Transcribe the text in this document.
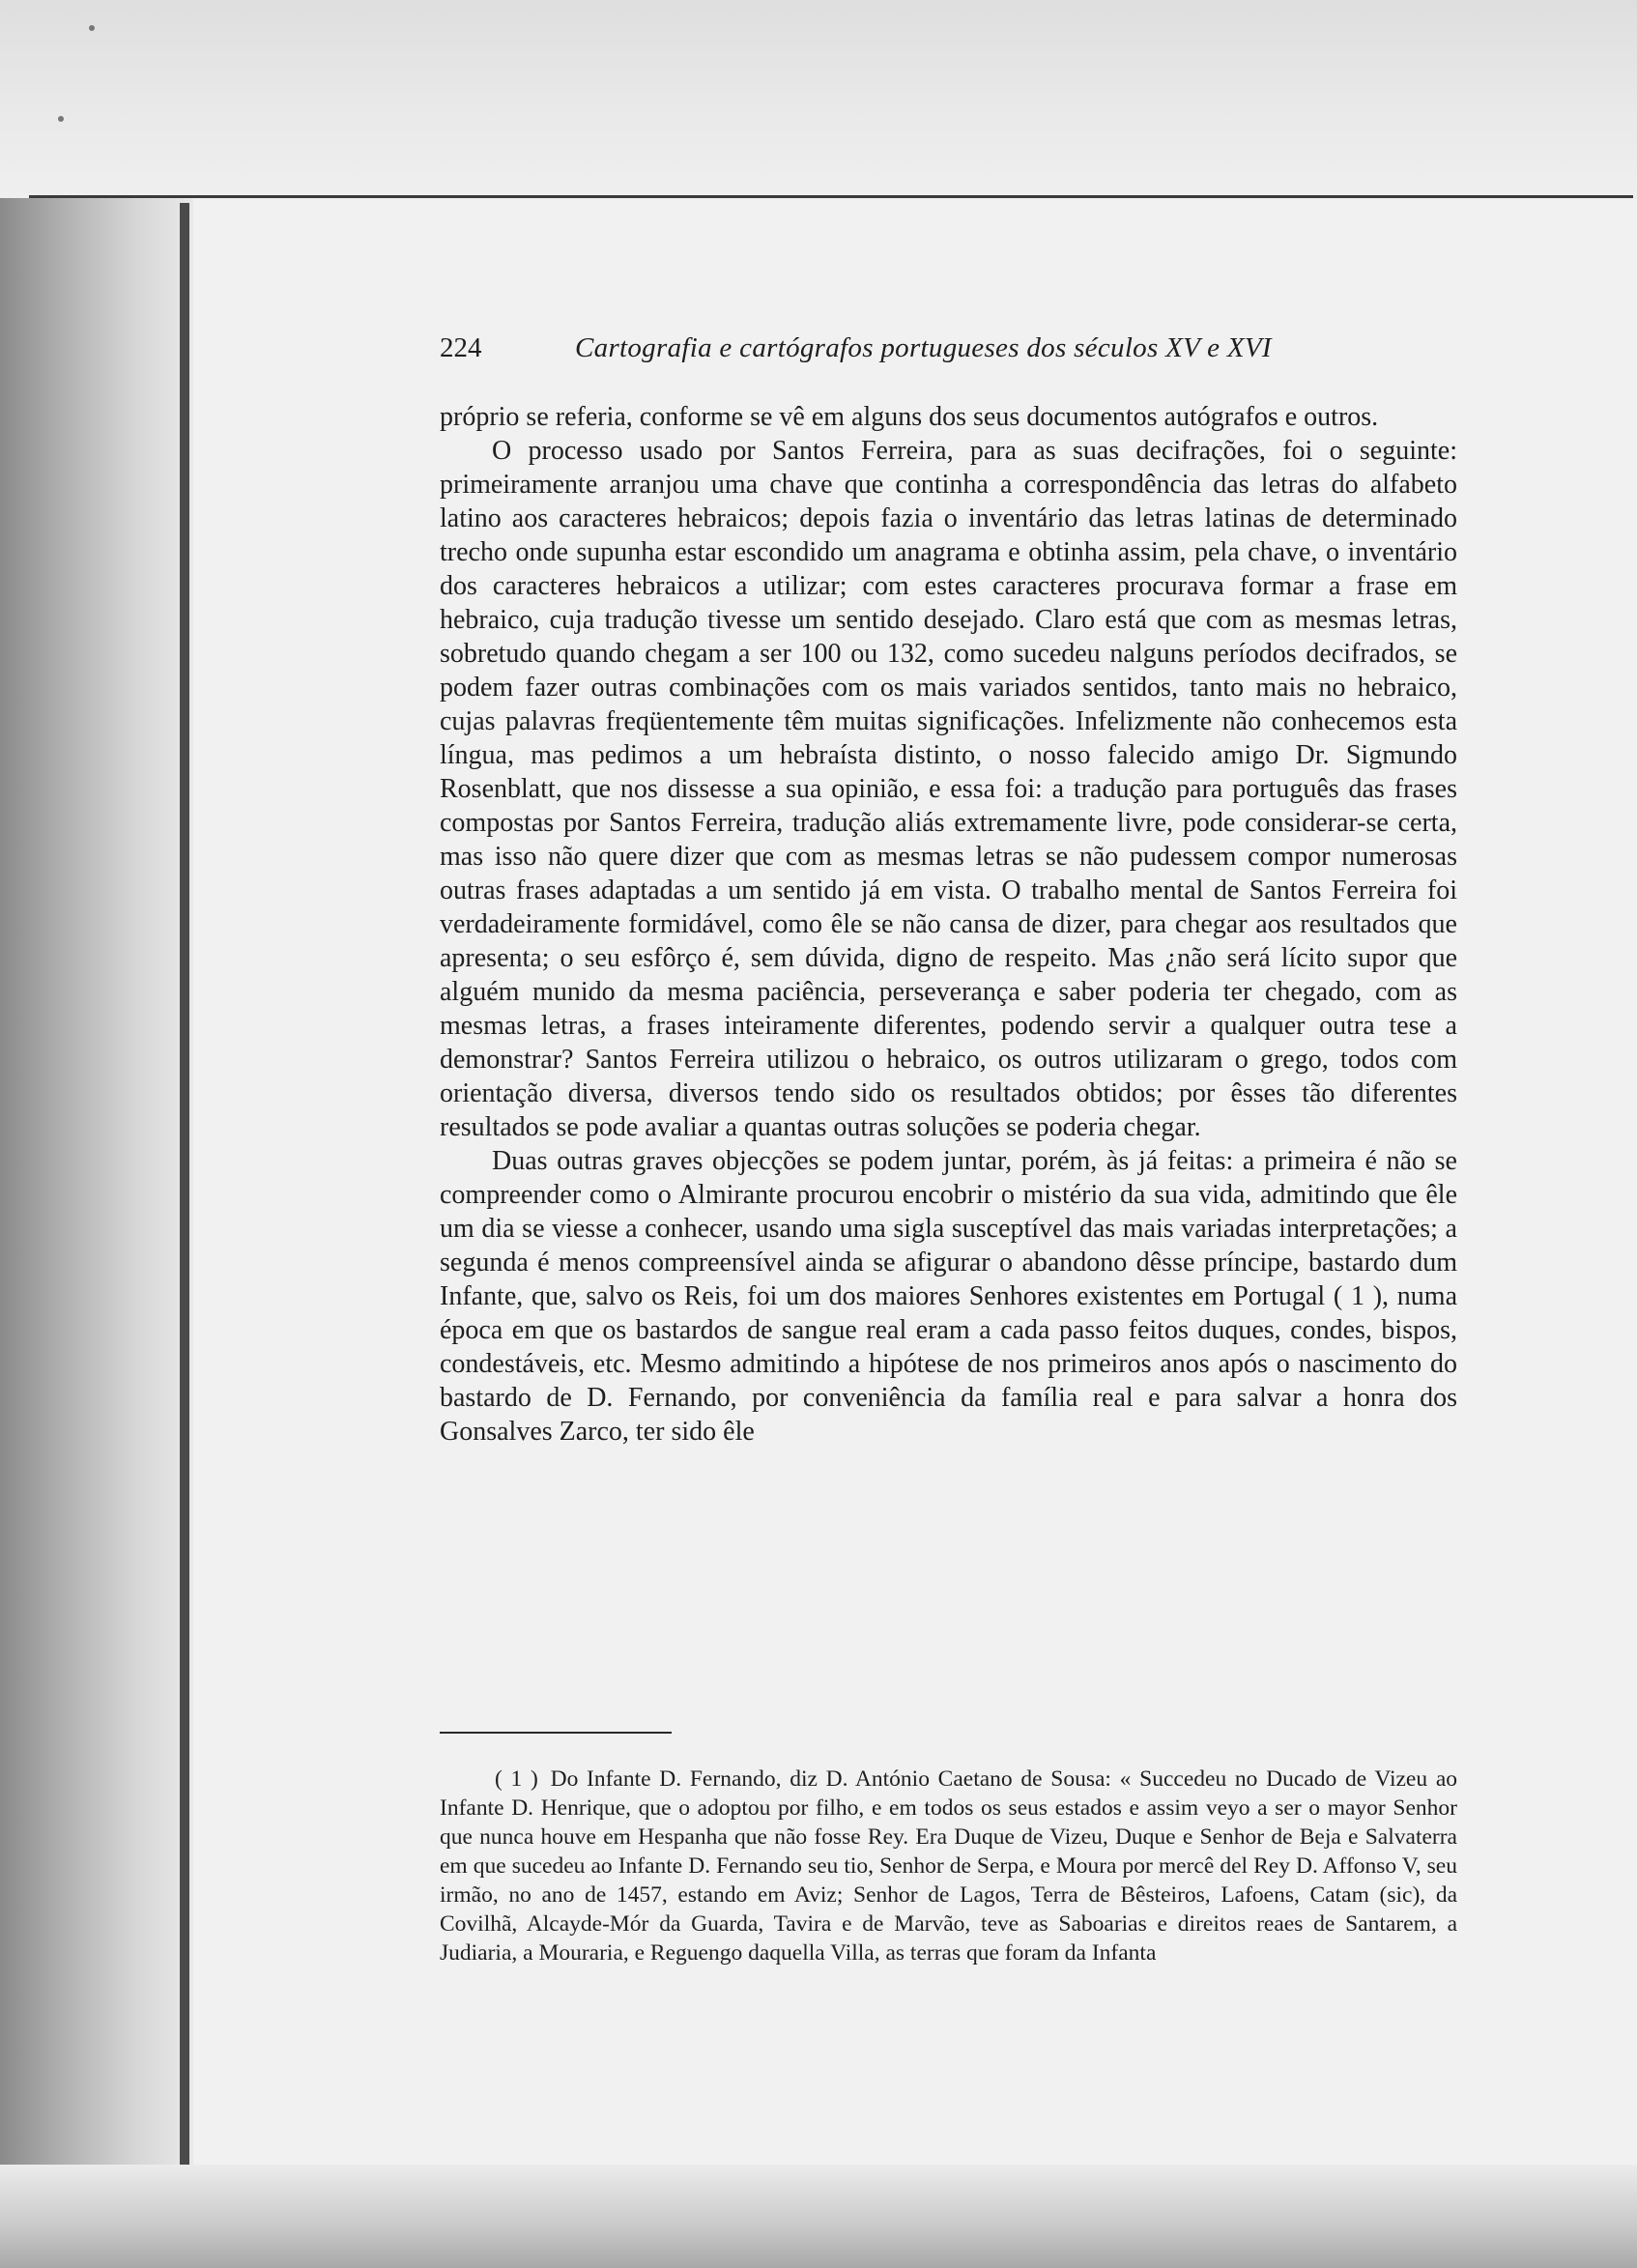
224	Cartografia e cartógrafos portugueses dos séculos XV e XVI

próprio se referia, conforme se vê em alguns dos seus documentos autógrafos e outros.

O processo usado por Santos Ferreira, para as suas decifrações, foi o seguinte: primeiramente arranjou uma chave que continha a correspondência das letras do alfabeto latino aos caracteres hebraicos; depois fazia o inventário das letras latinas de determinado trecho onde supunha estar escondido um anagrama e obtinha assim, pela chave, o inventário dos caracteres hebraicos a utilizar; com estes caracteres procurava formar a frase em hebraico, cuja tradução tivesse um sentido desejado. Claro está que com as mesmas letras, sobretudo quando chegam a ser 100 ou 132, como sucedeu nalguns períodos decifrados, se podem fazer outras combinações com os mais variados sentidos, tanto mais no hebraico, cujas palavras freqüentemente têm muitas significações. Infelizmente não conhecemos esta língua, mas pedimos a um hebraísta distinto, o nosso falecido amigo Dr. Sigmundo Rosenblatt, que nos dissesse a sua opinião, e essa foi: a tradução para português das frases compostas por Santos Ferreira, tradução aliás extremamente livre, pode considerar-se certa, mas isso não quere dizer que com as mesmas letras se não pudessem compor numerosas outras frases adaptadas a um sentido já em vista. O trabalho mental de Santos Ferreira foi verdadeiramente formidável, como êle se não cansa de dizer, para chegar aos resultados que apresenta; o seu esfôrço é, sem dúvida, digno de respeito. Mas ¿não será lícito supor que alguém munido da mesma paciência, perseverança e saber poderia ter chegado, com as mesmas letras, a frases inteiramente diferentes, podendo servir a qualquer outra tese a demonstrar? Santos Ferreira utilizou o hebraico, os outros utilizaram o grego, todos com orientação diversa, diversos tendo sido os resultados obtidos; por êsses tão diferentes resultados se pode avaliar a quantas outras soluções se poderia chegar.

Duas outras graves objecções se podem juntar, porém, às já feitas: a primeira é não se compreender como o Almirante procurou encobrir o mistério da sua vida, admitindo que êle um dia se viesse a conhecer, usando uma sigla susceptível das mais variadas interpretações; a segunda é menos compreensível ainda se afigurar o abandono dêsse príncipe, bastardo dum Infante, que, salvo os Reis, foi um dos maiores Senhores existentes em Portugal ( 1 ), numa época em que os bastardos de sangue real eram a cada passo feitos duques, condes, bispos, condestáveis, etc. Mesmo admitindo a hipótese de nos primeiros anos após o nascimento do bastardo de D. Fernando, por conveniência da família real e para salvar a honra dos Gonsalves Zarco, ter sido êle

( 1 ) Do Infante D. Fernando, diz D. António Caetano de Sousa: « Succedeu no Ducado de Vizeu ao Infante D. Henrique, que o adoptou por filho, e em todos os seus estados e assim veyo a ser o mayor Senhor que nunca houve em Hespanha que não fosse Rey. Era Duque de Vizeu, Duque e Senhor de Beja e Salvaterra em que sucedeu ao Infante D. Fernando seu tio, Senhor de Serpa, e Moura por mercê del Rey D. Affonso V, seu irmão, no ano de 1457, estando em Aviz; Senhor de Lagos, Terra de Bêsteiros, Lafoens, Catam (sic), da Covilhã, Alcayde-Mór da Guarda, Tavira e de Marvão, teve as Saboarias e direitos reaes de Santarem, a Judiaria, a Mouraria, e Reguengo daquella Villa, as terras que foram da Infanta
